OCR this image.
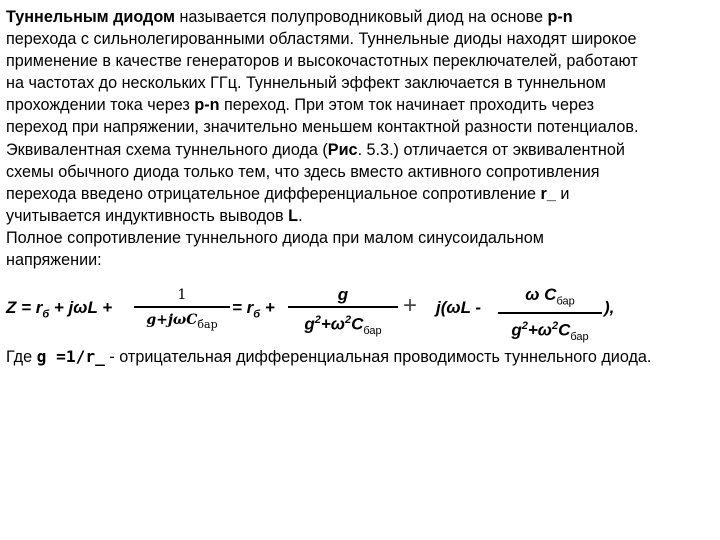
Туннельным диодом называется полупроводниковый диод на основе p-n
перехода с сильнолегированными областями. Туннельные диоды находят широкое
применение в качестве генераторов и высокочастотных переключателей, работают
на частотах до нескольких ГГц. Туннельный эффект заключается в туннельном
прохождении тока через p-n переход. При этом ток начинает проходить через
переход при напряжении, значительно меньшем контактной разности потенциалов.
Эквивалентная схема туннельного диода (Рис. 5.3.) отличается от эквивалентной
схемы обычного диода только тем, что здесь вместо активного сопротивления
перехода введено отрицательное дифференциальное сопротивление r_ и
учитывается индуктивность выводов L.
Полное сопротивление туннельного диода при малом синусоидальном
напряжении:
$Z = r_б + j\omega L$ +
1
g+jωC$_{бар}$
= $r_б$ +
g
$g^2+\omega^2C_{бар}$
+ j(ωL -
ω $C_{бар}$
$g^2+\omega^2C_{бар}$
),
Где g =1/r_ - отрицательная дифференциальная проводимость туннельного диода.
